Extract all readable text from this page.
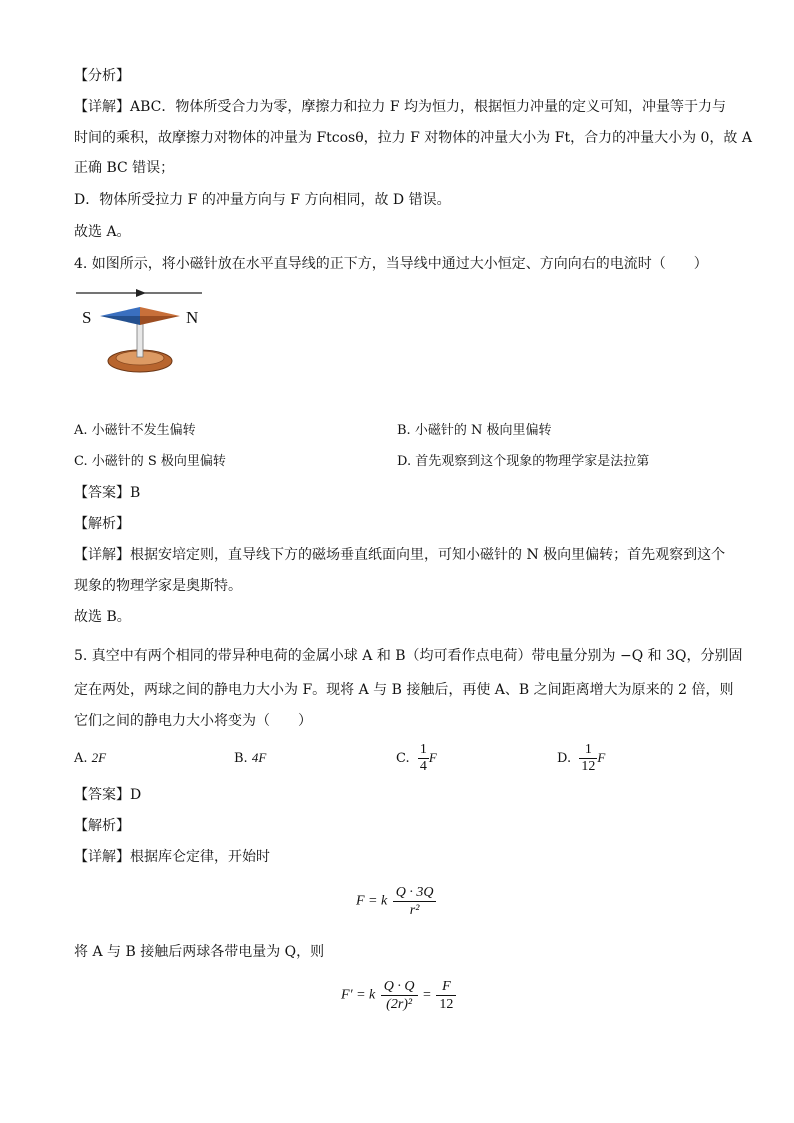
【分析】
【详解】ABC．物体所受合力为零，摩擦力和拉力 F 均为恒力，根据恒力冲量的定义可知，冲量等于力与
时间的乘积，故摩擦力对物体的冲量为 Ftcosθ，拉力 F 对物体的冲量大小为 Ft，合力的冲量大小为 0，故 A
正确 BC 错误；
D．物体所受拉力 F 的冲量方向与 F 方向相同，故 D 错误。
故选 A。
4. 如图所示，将小磁针放在水平直导线的正下方，当导线中通过大小恒定、方向向右的电流时（　　）
S	N
A. 小磁针不发生偏转	B. 小磁针的 N 极向里偏转
C. 小磁针的 S 极向里偏转	D. 首先观察到这个现象的物理学家是法拉第
【答案】B
【解析】
【详解】根据安培定则，直导线下方的磁场垂直纸面向里，可知小磁针的 N 极向里偏转；首先观察到这个
现象的物理学家是奥斯特。
故选 B。
5. 真空中有两个相同的带异种电荷的金属小球 A 和 B（均可看作点电荷）带电量分别为 −Q 和 3Q，分别固
定在两处，两球之间的静电力大小为 F。现将 A 与 B 接触后，再使 A、B 之间距离增大为原来的 2 倍，则
它们之间的静电力大小将变为（　　）
A. 2F	B. 4F	C. $\frac{1}{4}$ F	D. $\frac{1}{12}$ F
【答案】D
【解析】
【详解】根据库仑定律，开始时
F = k $\frac{Q \cdot 3Q}{\text{r²}}$
将 A 与 B 接触后两球各带电量为 Q，则
F′ = k $\frac{Q \cdot Q}{\text{(2r)²}} = \frac{F}{12}$
